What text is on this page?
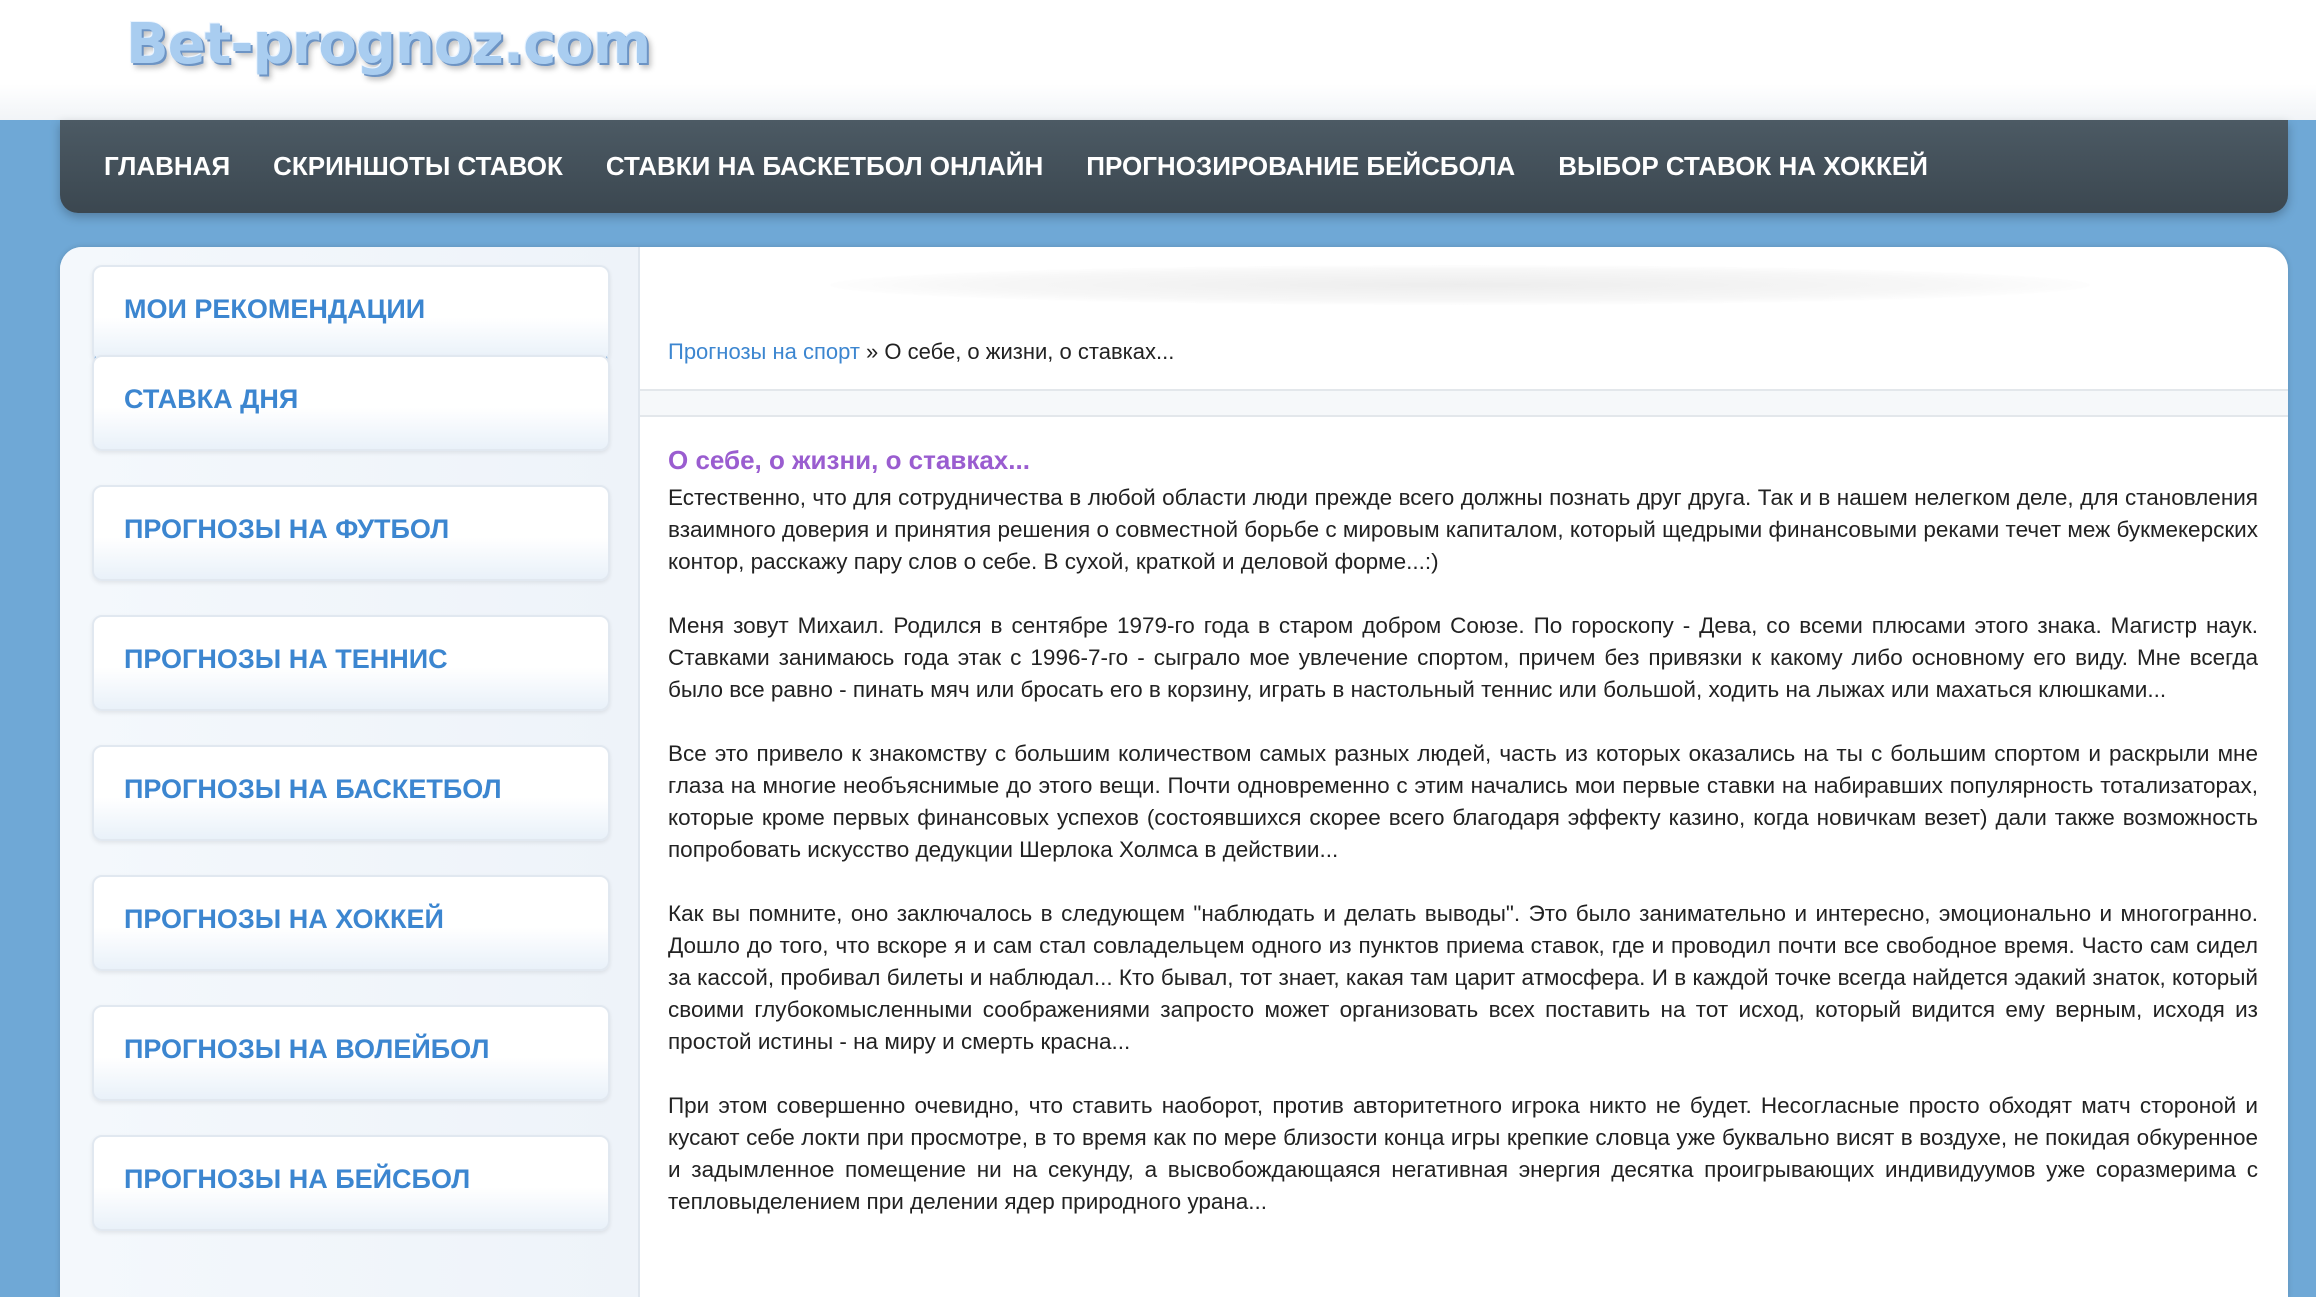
Bet-prognoz.com
ГЛАВНАЯ СКРИНШОТЫ СТАВОК СТАВКИ НА БАСКЕТБОЛ ОНЛАЙН ПРОГНОЗИРОВАНИЕ БЕЙСБОЛА ВЫБОР СТАВОК НА ХОККЕЙ
МОИ РЕКОМЕНДАЦИИ
СТАВКА ДНЯ
ПРОГНОЗЫ НА ФУТБОЛ
ПРОГНОЗЫ НА ТЕННИС
ПРОГНОЗЫ НА БАСКЕТБОЛ
ПРОГНОЗЫ НА ХОККЕЙ
ПРОГНОЗЫ НА ВОЛЕЙБОЛ
ПРОГНОЗЫ НА БЕЙСБОЛ
Прогнозы на спорт » О себе, о жизни, о ставках...
О себе, о жизни, о ставках...

Естественно, что для сотрудничества в любой области люди прежде всего должны познать друг друга. Так и в нашем нелегком деле, для становления взаимного доверия и принятия решения о совместной борьбе с мировым капиталом, который щедрыми финансовыми реками течет меж букмекерских контор, расскажу пару слов о себе. В сухой, краткой и деловой форме...:)

Меня зовут Михаил. Родился в сентябре 1979-го года в старом добром Союзе. По гороскопу - Дева, со всеми плюсами этого знака. Магистр наук. Ставками занимаюсь года этак с 1996-7-го - сыграло мое увлечение спортом, причем без привязки к какому либо основному его виду. Мне всегда было все равно - пинать мяч или бросать его в корзину, играть в настольный теннис или большой, ходить на лыжах или махаться клюшками...

Все это привело к знакомству с большим количеством самых разных людей, часть из которых оказались на ты с большим спортом и раскрыли мне глаза на многие необъяснимые до этого вещи. Почти одновременно с этим начались мои первые ставки на набиравших популярность тотализаторах, которые кроме первых финансовых успехов (состоявшихся скорее всего благодаря эффекту казино, когда новичкам везет) дали также возможность попробовать искусство дедукции Шерлока Холмса в действии...

Как вы помните, оно заключалось в следующем "наблюдать и делать выводы". Это было занимательно и интересно, эмоционально и многогранно. Дошло до того, что вскоре я и сам стал совладельцем одного из пунктов приема ставок, где и проводил почти все свободное время. Часто сам сидел за кассой, пробивал билеты и наблюдал... Кто бывал, тот знает, какая там царит атмосфера. И в каждой точке всегда найдется эдакий знаток, который своими глубокомысленными соображениями запросто может организовать всех поставить на тот исход, который видится ему верным, исходя из простой истины - на миру и смерть красна...

При этом совершенно очевидно, что ставить наоборот, против авторитетного игрока никто не будет. Несогласные просто обходят матч стороной и кусают себе локти при просмотре, в то время как по мере близости конца игры крепкие словца уже буквально висят в воздухе, не покидая обкуренное и задымленное помещение ни на секунду, а высвобождающаяся негативная энергия десятка проигрывающих индивидуумов уже соразмерима с тепловыделением при делении ядер природного урана...
